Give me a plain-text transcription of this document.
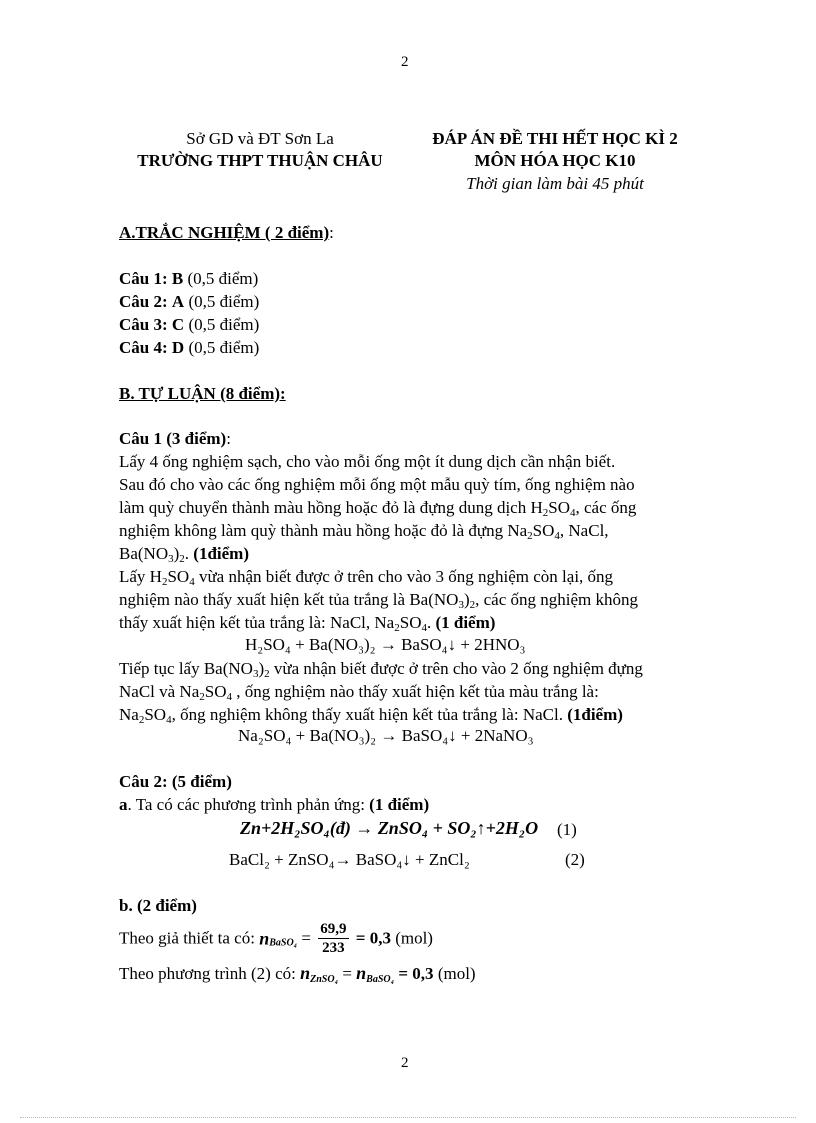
2
Sở GD và ĐT Sơn La
TRƯỜNG THPT THUẬN CHÂU
ĐÁP ÁN ĐỀ THI HẾT HỌC KÌ 2
MÔN HÓA HỌC K10
Thời gian làm bài 45 phút
A.TRẮC NGHIỆM ( 2 điểm):
Câu 1: B (0,5 điểm)
Câu 2: A (0,5 điểm)
Câu 3: C (0,5 điểm)
Câu 4: D (0,5 điểm)
B. TỰ LUẬN (8 điểm):
Câu 1 (3 điểm):
Lấy 4 ống nghiệm sạch, cho vào mỗi ống một ít dung dịch cần nhận biết.
Sau đó cho vào các ống nghiệm mỗi ống một mẫu quỳ tím, ống nghiệm nào
làm quỳ chuyển thành màu hồng hoặc đỏ là đựng dung dịch $H_2SO_4$, các ống
nghiệm không làm quỳ thành màu hồng hoặc đỏ là đựng $Na_2SO_4$, NaCl,
$Ba(NO_3)_2$. (1điểm)
Lấy $H_2SO_4$ vừa nhận biết được ở trên cho vào 3 ống nghiệm còn lại, ống
nghiệm nào thấy xuất hiện kết tủa trắng là $Ba(NO_3)_2$, các ống nghiệm không
thấy xuất hiện kết tủa trắng là: NaCl, $Na_2SO_4$. (1 điểm)
H₂SO₄ + Ba(NO₃)₂ → BaSO₄↓ + 2HNO₃
Tiếp tục lấy $Ba(NO_3)_2$ vừa nhận biết được ở trên cho vào 2 ống nghiệm đựng
NaCl và $Na_2SO_4$ , ống nghiệm nào thấy xuất hiện kết tủa màu trắng là:
$Na_2SO_4$, ống nghiệm không thấy xuất hiện kết tủa trắng là: NaCl. (1điểm)
Na₂SO₄ + Ba(NO₃)₂ → BaSO₄↓ + 2NaNO₃
Câu 2: (5 điểm)
a. Ta có các phương trình phản ứng: (1 điểm)
Zn+2H₂SO₄(đ) → ZnSO₄ + SO₂↑+2H₂O (1)
BaCl₂ + ZnSO₄→ BaSO₄↓ + ZnCl₂	(2)
b. (2 điểm)
Theo giả thiết ta có: $n_{BaSO_4} = \frac{69,9}{233} = 0,3$ (mol)
Theo phương trình (2) có: $n_{ZnSO_4} = n_{BaSO_4} = 0,3$ (mol)
2
